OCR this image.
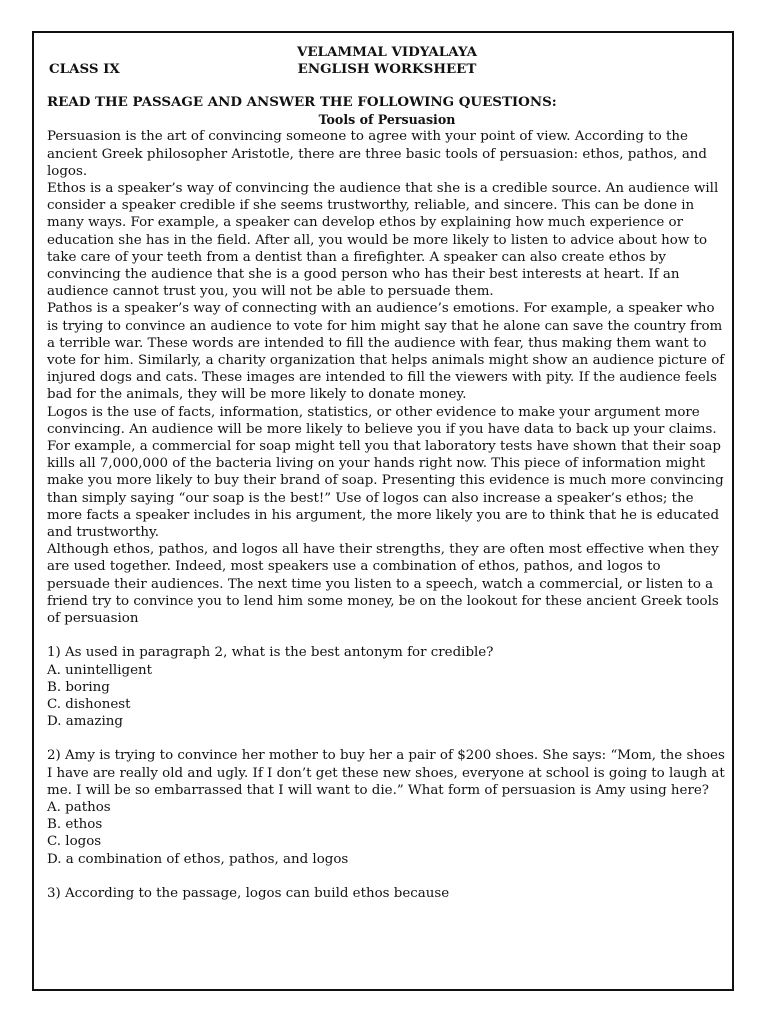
VELAMMAL VIDYALAYA
CLASS IX	ENGLISH WORKSHEET
READ THE PASSAGE AND ANSWER THE FOLLOWING QUESTIONS:
Tools of Persuasion

Persuasion is the art of convincing someone to agree with your point of view. According to the ancient Greek philosopher Aristotle, there are three basic tools of persuasion: ethos, pathos, and logos.

Ethos is a speaker’s way of convincing the audience that she is a credible source. An audience will consider a speaker credible if she seems trustworthy, reliable, and sincere. This can be done in many ways. For example, a speaker can develop ethos by explaining how much experience or education she has in the field. After all, you would be more likely to listen to advice about how to take care of your teeth from a dentist than a firefighter. A speaker can also create ethos by convincing the audience that she is a good person who has their best interests at heart. If an audience cannot trust you, you will not be able to persuade them.

Pathos is a speaker’s way of connecting with an audience’s emotions. For example, a speaker who is trying to convince an audience to vote for him might say that he alone can save the country from a terrible war. These words are intended to fill the audience with fear, thus making them want to vote for him. Similarly, a charity organization that helps animals might show an audience picture of injured dogs and cats. These images are intended to fill the viewers with pity. If the audience feels bad for the animals, they will be more likely to donate money.

Logos is the use of facts, information, statistics, or other evidence to make your argument more convincing. An audience will be more likely to believe you if you have data to back up your claims. For example, a commercial for soap might tell you that laboratory tests have shown that their soap kills all 7,000,000 of the bacteria living on your hands right now. This piece of information might make you more likely to buy their brand of soap. Presenting this evidence is much more convincing than simply saying “our soap is the best!” Use of logos can also increase a speaker’s ethos; the more facts a speaker includes in his argument, the more likely you are to think that he is educated and trustworthy.

Although ethos, pathos, and logos all have their strengths, they are often most effective when they are used together. Indeed, most speakers use a combination of ethos, pathos, and logos to persuade their audiences. The next time you listen to a speech, watch a commercial, or listen to a friend try to convince you to lend him some money, be on the lookout for these ancient Greek tools of persuasion

1) As used in paragraph 2, what is the best antonym for credible?

A. unintelligent

B. boring

C. dishonest

D. amazing

2) Amy is trying to convince her mother to buy her a pair of $200 shoes. She says: “Mom, the shoes I have are really old and ugly. If I don’t get these new shoes, everyone at school is going to laugh at me. I will be so embarrassed that I will want to die.” What form of persuasion is Amy using here?

A. pathos

B. ethos

C. logos

D. a combination of ethos, pathos, and logos

3) According to the passage, logos can build ethos because
